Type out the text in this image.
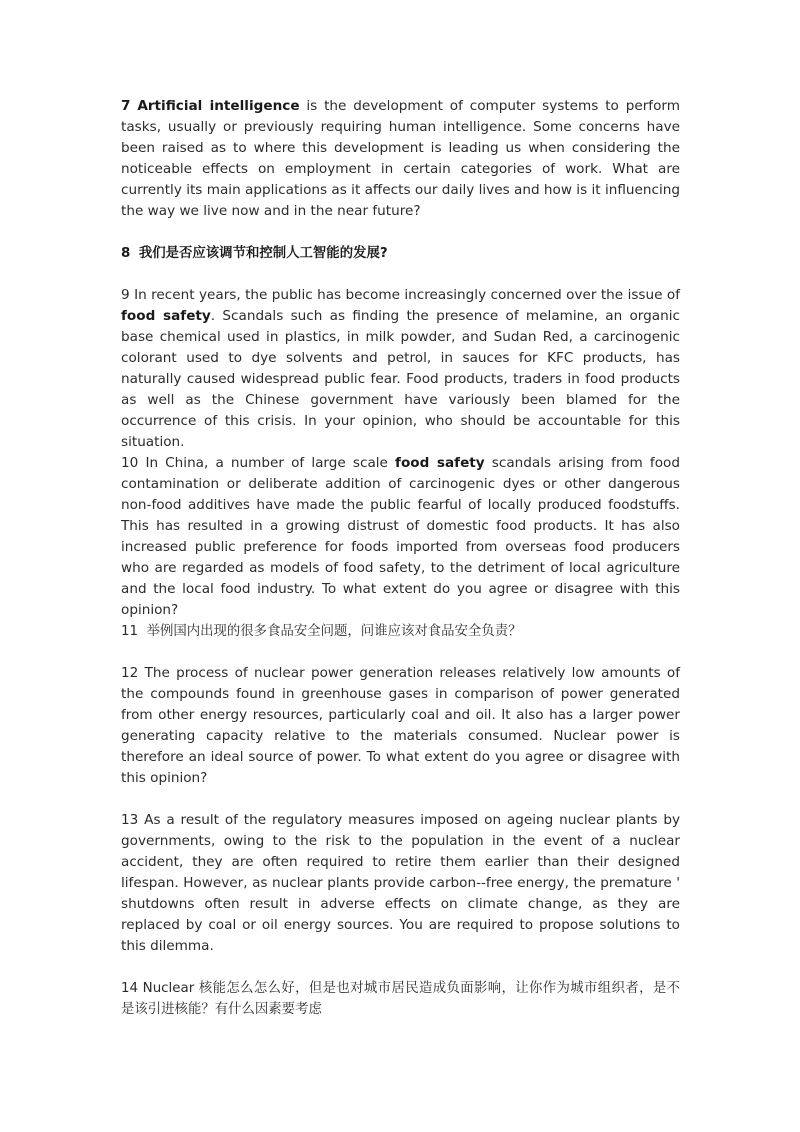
7 Artificial intelligence is the development of computer systems to perform tasks, usually or previously requiring human intelligence. Some concerns have been raised as to where this development is leading us when considering the noticeable effects on employment in certain categories of work. What are currently its main applications as it affects our daily lives and how is it influencing the way we live now and in the near future?

8 我们是否应该调节和控制人工智能的发展?

9 In recent years, the public has become increasingly concerned over the issue of food safety. Scandals such as finding the presence of melamine, an organic base chemical used in plastics, in milk powder, and Sudan Red, a carcinogenic colorant used to dye solvents and petrol, in sauces for KFC products, has naturally caused widespread public fear. Food products, traders in food products as well as the Chinese government have variously been blamed for the occurrence of this crisis. In your opinion, who should be accountable for this situation.

10 In China, a number of large scale food safety scandals arising from food contamination or deliberate addition of carcinogenic dyes or other dangerous non-food additives have made the public fearful of locally produced foodstuffs. This has resulted in a growing distrust of domestic food products. It has also increased public preference for foods imported from overseas food producers who are regarded as models of food safety, to the detriment of local agriculture and the local food industry. To what extent do you agree or disagree with this opinion?

11 举例国内出现的很多食品安全问题，问谁应该对食品安全负责？

12 The process of nuclear power generation releases relatively low amounts of the compounds found in greenhouse gases in comparison of power generated from other energy resources, particularly coal and oil. It also has a larger power generating capacity relative to the materials consumed. Nuclear power is therefore an ideal source of power. To what extent do you agree or disagree with this opinion?

13 As a result of the regulatory measures imposed on ageing nuclear plants by governments, owing to the risk to the population in the event of a nuclear accident, they are often required to retire them earlier than their designed lifespan. However, as nuclear plants provide carbon-‐free energy, the premature ' shutdowns often result in adverse effects on climate change, as they are replaced by coal or oil energy sources. You are required to propose solutions to this dilemma.

14 Nuclear 核能怎么怎么好，但是也对城市居民造成负面影响，让你作为城市组织者，是不是该引进核能？有什么因素要考虑
